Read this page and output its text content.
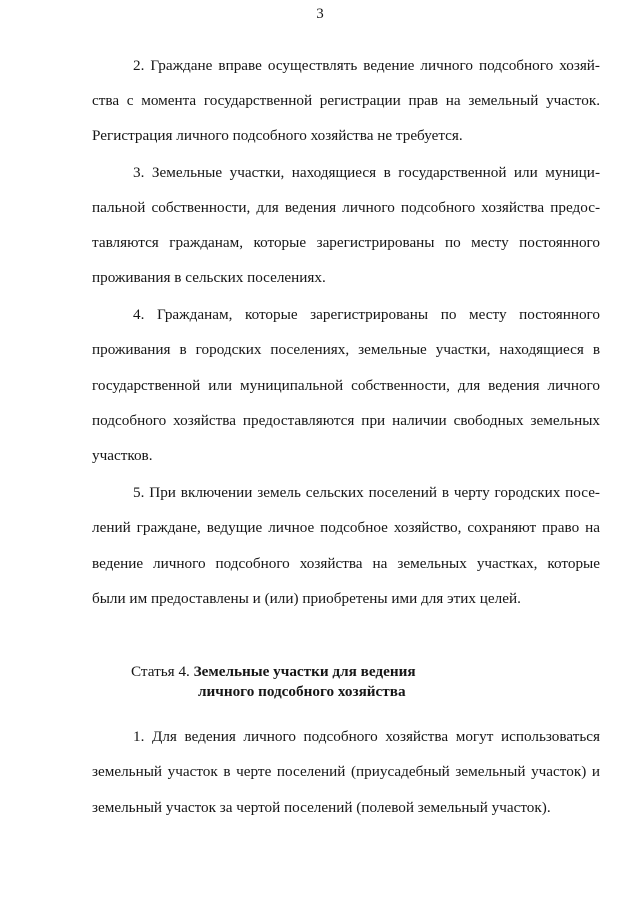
3
2. Граждане вправе осуществлять ведение личного подсобного хозяй-
ства с момента государственной регистрации прав на земельный участок.
Регистрация личного подсобного хозяйства не требуется.
3. Земельные участки, находящиеся в государственной или муници-
пальной собственности, для ведения личного подсобного хозяйства предос-
тавляются гражданам, которые зарегистрированы по месту постоянного
проживания в сельских поселениях.
4. Гражданам, которые зарегистрированы по месту постоянного
проживания в городских поселениях, земельные участки, находящиеся в
государственной или муниципальной собственности, для ведения личного
подсобного хозяйства предоставляются при наличии свободных земельных
участков.
5. При включении земель сельских поселений в черту городских посе-
лений граждане, ведущие личное подсобное хозяйство, сохраняют право на
ведение личного подсобного хозяйства на земельных участках, которые
были им предоставлены и (или) приобретены ими для этих целей.
Статья 4. Земельные участки для ведения
личного подсобного хозяйства
1. Для ведения личного подсобного хозяйства могут использоваться
земельный участок в черте поселений (приусадебный земельный участок) и
земельный участок за чертой поселений (полевой земельный участок).
